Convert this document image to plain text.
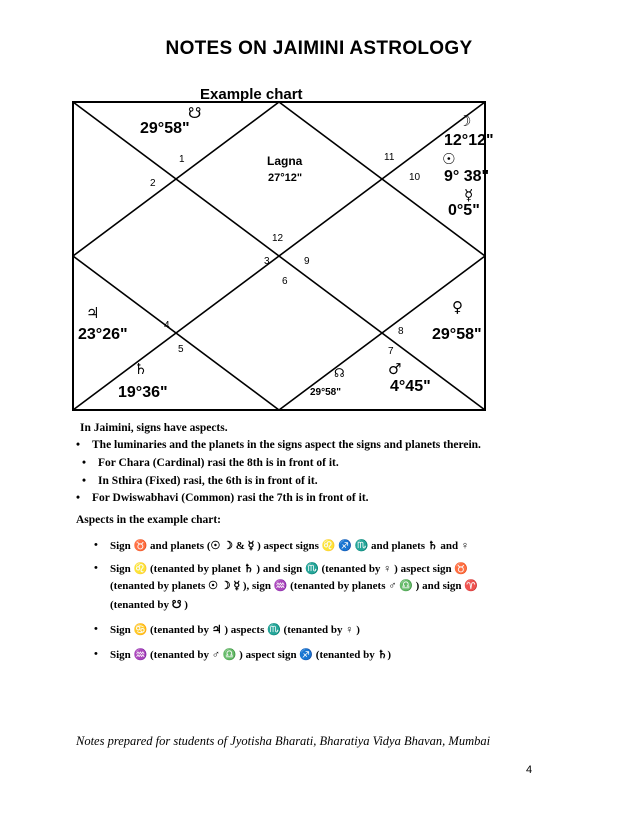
NOTES ON JAIMINI ASTROLOGY
Example chart
1
2
3
4
5
6
7
8
9
10
11
12
Lagna
27°12"
☋
29°58"	☽
12°12"
☉
9° 38"
☿
0°5"
♃
23°26"
♄
19°36"
☊
29°58"
♂
4°45"
♀
29°58"
In Jaimini, signs have aspects.
• The luminaries and the planets in the signs aspect the signs and planets therein.
• For Chara (Cardinal) rasi the 8th is in front of it.
• In Sthira (Fixed) rasi, the 6th is in front of it.
• For Dwiswabhavi (Common) rasi the 7th is in front of it.
Aspects in the example chart:
• Sign ♉ and planets (☉ ☽ & ☿ ) aspect signs ♌ ♐ ♏ and planets ♄ and ♀
• Sign ♌ (tenanted by planet ♄ ) and sign ♏ (tenanted by ♀ ) aspect sign ♉
(tenanted by planets ☉ ☽ ☿ ), sign ♒ (tenanted by planets ♂ ♎ ) and sign ♈
(tenanted by ☋ )
• Sign ♋ (tenanted by ♃ ) aspects ♏ (tenanted by ♀ )
• Sign ♒ (tenanted by ♂ ♎ ) aspect sign ♐ (tenanted by ♄)
Notes prepared for students of Jyotisha Bharati, Bharatiya Vidya Bhavan, Mumbai
4
